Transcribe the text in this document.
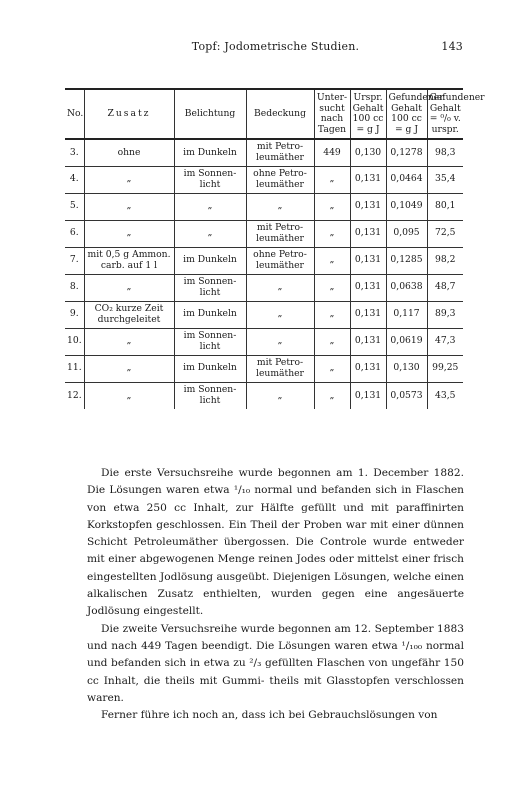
Topf: Jodometrische Studien.	143
No.	Zusatz	Belichtung	Bedeckung	Unter-sucht nach Tagen	Urspr. Gehalt 100 cc = g J	Gefundener Gehalt 100 cc = g J	Gefundener Gehalt = ⁰/₀ v. urspr.
3.	ohne	im Dunkeln	mit Petro-leumäther	449	0,130	0,1278	98,3
4.	„	im Sonnen-licht	ohne Petro-leumäther	„	0,131	0,0464	35,4
5.	„	„	„	„	0,131	0,1049	80,1
6.	„	„	mit Petro-leumäther	„	0,131	0,095	72,5
7.	mit 0,5 g Ammon. carb. auf 1 l	im Dunkeln	ohne Petro-leumäther	„	0,131	0,1285	98,2
8.	„	im Sonnen-licht	„	„	0,131	0,0638	48,7
9.	CO₂ kurze Zeit durchgeleitet	im Dunkeln	„	„	0,131	0,117	89,3
10.	„	im Sonnen-licht	„	„	0,131	0,0619	47,3
11.	„	im Dunkeln	mit Petro-leumäther	„	0,131	0,130	99,25
12.	„	im Sonnen-licht	„	„	0,131	0,0573	43,5

Die erste Versuchsreihe wurde begonnen am 1. December 1882. Die Lösungen waren etwa ¹/₁₀ normal und befanden sich in Flaschen von etwa 250 cc Inhalt, zur Hälfte gefüllt und mit paraffinirten Korkstopfen geschlossen. Ein Theil der Proben war mit einer dünnen Schicht Petroleumäther übergossen. Die Controle wurde entweder mit einer abgewogenen Menge reinen Jodes oder mittelst einer frisch eingestellten Jodlösung ausgeübt. Diejenigen Lösungen, welche einen alkalischen Zusatz enthielten, wurden gegen eine angesäuerte Jodlösung eingestellt.

Die zweite Versuchsreihe wurde begonnen am 12. September 1883 und nach 449 Tagen beendigt. Die Lösungen waren etwa ¹/₁₀₀ normal und befanden sich in etwa zu ²/₃ gefüllten Flaschen von ungefähr 150 cc Inhalt, die theils mit Gummi- theils mit Glasstopfen verschlossen waren.

Ferner führe ich noch an, dass ich bei Gebrauchslösungen von
